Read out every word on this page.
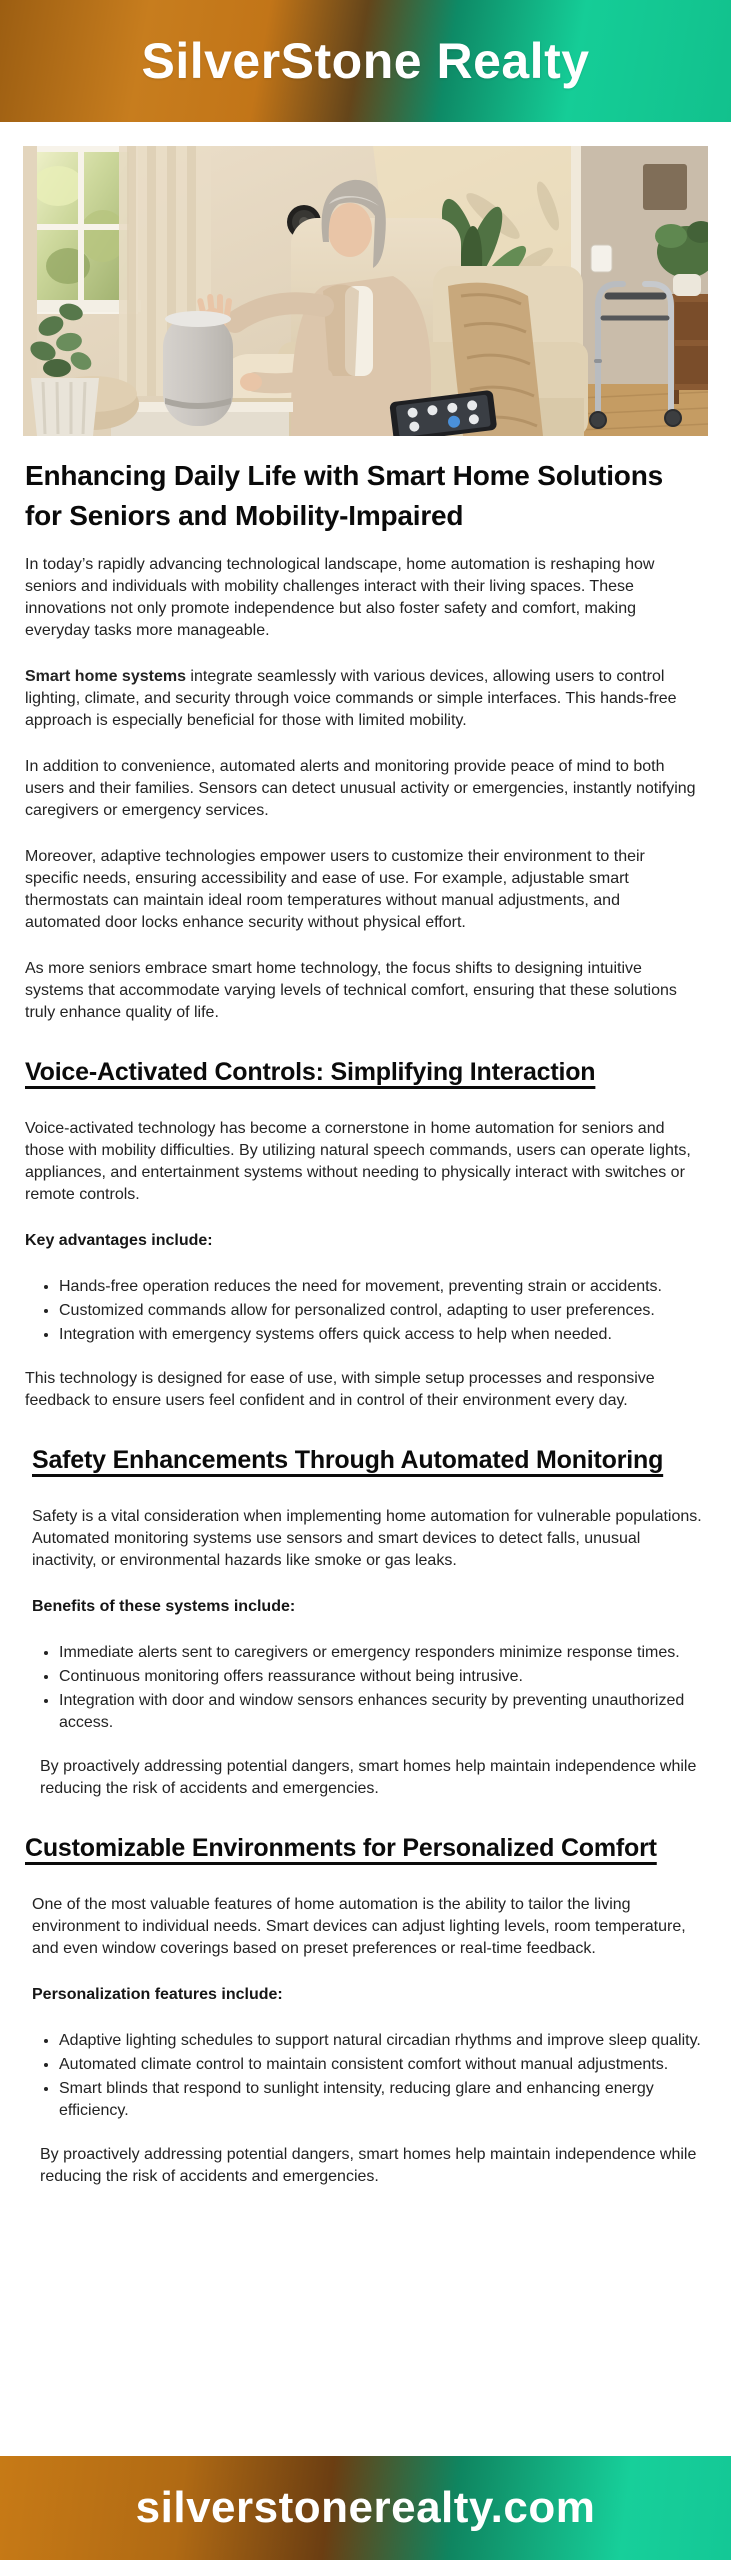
SilverStone Realty
Enhancing Daily Life with Smart Home Solutions for Seniors and Mobility-Impaired

In today’s rapidly advancing technological landscape, home automation is reshaping how seniors and individuals with mobility challenges interact with their living spaces. These innovations not only promote independence but also foster safety and comfort, making everyday tasks more manageable.

Smart home systems integrate seamlessly with various devices, allowing users to control lighting, climate, and security through voice commands or simple interfaces. This hands-free approach is especially beneficial for those with limited mobility.

In addition to convenience, automated alerts and monitoring provide peace of mind to both users and their families. Sensors can detect unusual activity or emergencies, instantly notifying caregivers or emergency services.

Moreover, adaptive technologies empower users to customize their environment to their specific needs, ensuring accessibility and ease of use. For example, adjustable smart thermostats can maintain ideal room temperatures without manual adjustments, and automated door locks enhance security without physical effort.

As more seniors embrace smart home technology, the focus shifts to designing intuitive systems that accommodate varying levels of technical comfort, ensuring that these solutions truly enhance quality of life.

Voice-Activated Controls: Simplifying Interaction

Voice-activated technology has become a cornerstone in home automation for seniors and those with mobility difficulties. By utilizing natural speech commands, users can operate lights, appliances, and entertainment systems without needing to physically interact with switches or remote controls.

Key advantages include:

• Hands-free operation reduces the need for movement, preventing strain or accidents.
• Customized commands allow for personalized control, adapting to user preferences.
• Integration with emergency systems offers quick access to help when needed.

This technology is designed for ease of use, with simple setup processes and responsive feedback to ensure users feel confident and in control of their environment every day.

Safety Enhancements Through Automated Monitoring

Safety is a vital consideration when implementing home automation for vulnerable populations. Automated monitoring systems use sensors and smart devices to detect falls, unusual inactivity, or environmental hazards like smoke or gas leaks.

Benefits of these systems include:

• Immediate alerts sent to caregivers or emergency responders minimize response times.
• Continuous monitoring offers reassurance without being intrusive.
• Integration with door and window sensors enhances security by preventing unauthorized access.

By proactively addressing potential dangers, smart homes help maintain independence while reducing the risk of accidents and emergencies.

Customizable Environments for Personalized Comfort

One of the most valuable features of home automation is the ability to tailor the living environment to individual needs. Smart devices can adjust lighting levels, room temperature, and even window coverings based on preset preferences or real-time feedback.

Personalization features include:

• Adaptive lighting schedules to support natural circadian rhythms and improve sleep quality.
• Automated climate control to maintain consistent comfort without manual adjustments.
• Smart blinds that respond to sunlight intensity, reducing glare and enhancing energy efficiency.

By proactively addressing potential dangers, smart homes help maintain independence while reducing the risk of accidents and emergencies.

silverstonerealty.com
